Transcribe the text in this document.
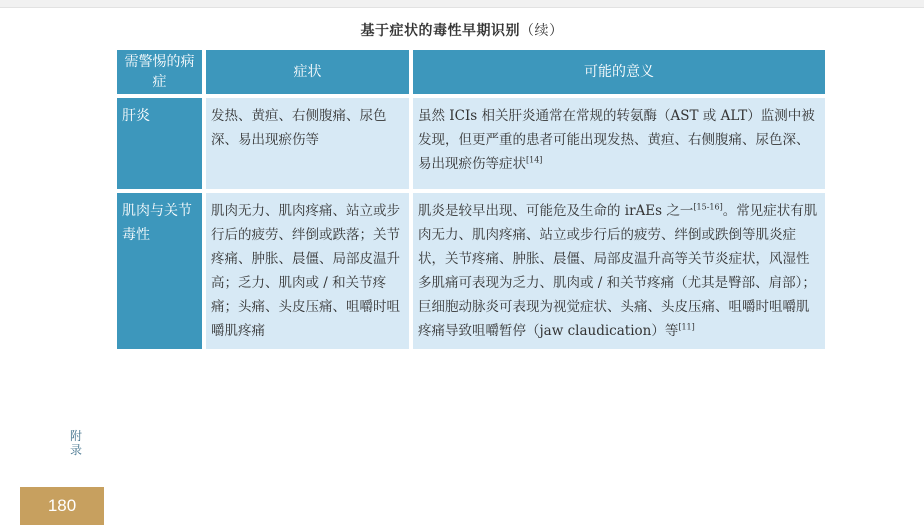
基于症状的毒性早期识别（续）
需警惕的病症	症状	可能的意义
肝炎	发热、黄疸、右侧腹痛、尿色深、易出现瘀伤等	虽然 ICIs 相关肝炎通常在常规的转氨酶（AST 或 ALT）监测中被发现，但更严重的患者可能出现发热、黄疸、右侧腹痛、尿色深、易出现瘀伤等症状[14]
肌肉与关节毒性	肌肉无力、肌肉疼痛、站立或步行后的疲劳、绊倒或跌落；关节疼痛、肿胀、晨僵、局部皮温升高；乏力、肌肉或 / 和关节疼痛；头痛、头皮压痛、咀嚼时咀嚼肌疼痛	肌炎是较早出现、可能危及生命的 irAEs 之一[15-16]。常见症状有肌肉无力、肌肉疼痛、站立或步行后的疲劳、绊倒或跌倒等肌炎症状，关节疼痛、肿胀、晨僵、局部皮温升高等关节炎症状，风湿性多肌痛可表现为乏力、肌肉或 / 和关节疼痛（尤其是臀部、肩部）；巨细胞动脉炎可表现为视觉症状、头痛、头皮压痛、咀嚼时咀嚼肌疼痛导致咀嚼暂停（jaw claudication）等[11]
附录
180
